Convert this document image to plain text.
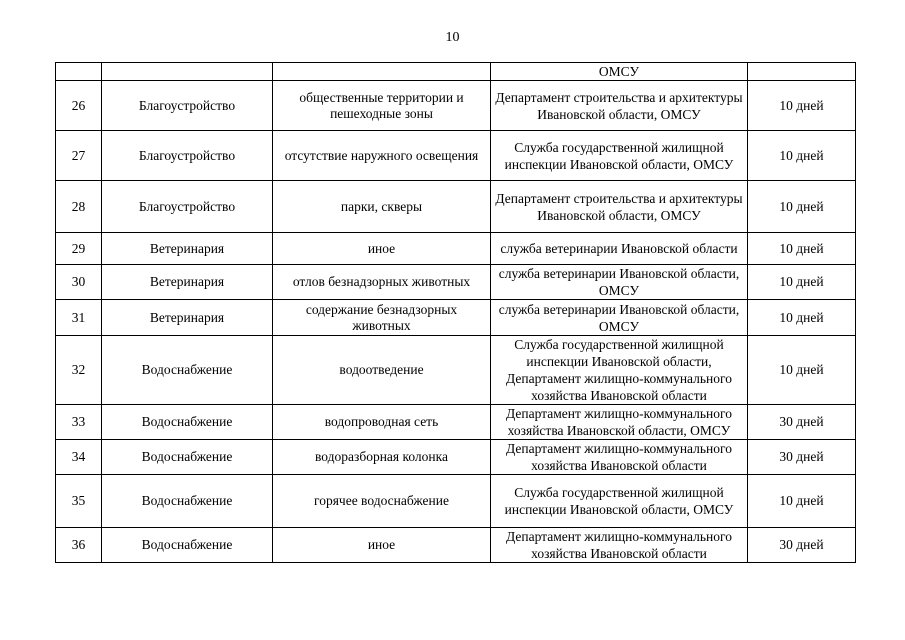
10
			ОМСУ	
26	Благоустройство	общественные территории и пешеходные зоны	Департамент строительства и архитектуры Ивановской области, ОМСУ	10 дней
27	Благоустройство	отсутствие наружного освещения	Служба государственной жилищной инспекции Ивановской области, ОМСУ	10 дней
28	Благоустройство	парки, скверы	Департамент строительства и архитектуры Ивановской области, ОМСУ	10 дней
29	Ветеринария	иное	служба ветеринарии Ивановской области	10 дней
30	Ветеринария	отлов безнадзорных животных	служба ветеринарии Ивановской области, ОМСУ	10 дней
31	Ветеринария	содержание безнадзорных животных	служба ветеринарии Ивановской области, ОМСУ	10 дней
32	Водоснабжение	водоотведение	Служба государственной жилищной инспекции Ивановской области, Департамент жилищно-коммунального хозяйства Ивановской области	10 дней
33	Водоснабжение	водопроводная сеть	Департамент жилищно-коммунального хозяйства Ивановской области, ОМСУ	30 дней
34	Водоснабжение	водоразборная колонка	Департамент жилищно-коммунального хозяйства Ивановской области	30 дней
35	Водоснабжение	горячее водоснабжение	Служба государственной жилищной инспекции Ивановской области, ОМСУ	10 дней
36	Водоснабжение	иное	Департамент жилищно-коммунального хозяйства Ивановской области	30 дней
